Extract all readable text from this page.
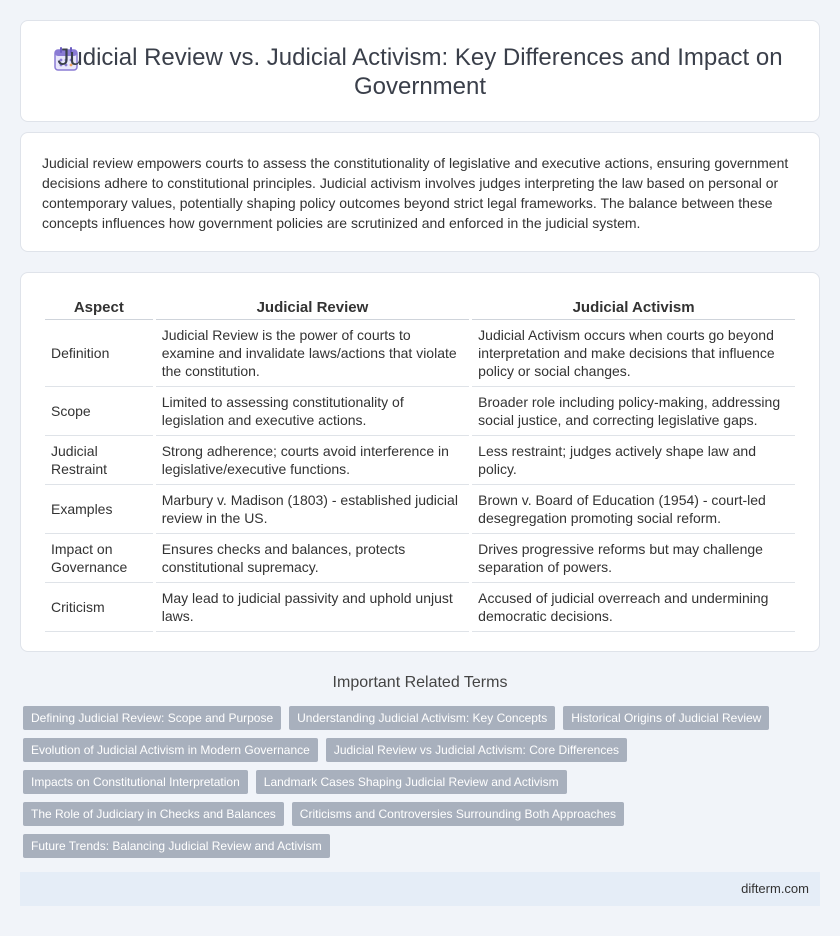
Judicial Review vs. Judicial Activism: Key Differences and Impact on Government

Judicial review empowers courts to assess the constitutionality of legislative and executive actions, ensuring government decisions adhere to constitutional principles. Judicial activism involves judges interpreting the law based on personal or contemporary values, potentially shaping policy outcomes beyond strict legal frameworks. The balance between these concepts influences how government policies are scrutinized and enforced in the judicial system.

Aspect	Judicial Review	Judicial Activism
Definition	Judicial Review is the power of courts to examine and invalidate laws/actions that violate the constitution.	Judicial Activism occurs when courts go beyond interpretation and make decisions that influence policy or social changes.
Scope	Limited to assessing constitutionality of legislation and executive actions.	Broader role including policy-making, addressing social justice, and correcting legislative gaps.
Judicial Restraint	Strong adherence; courts avoid interference in legislative/executive functions.	Less restraint; judges actively shape law and policy.
Examples	Marbury v. Madison (1803) - established judicial review in the US.	Brown v. Board of Education (1954) - court-led desegregation promoting social reform.
Impact on Governance	Ensures checks and balances, protects constitutional supremacy.	Drives progressive reforms but may challenge separation of powers.
Criticism	May lead to judicial passivity and uphold unjust laws.	Accused of judicial overreach and undermining democratic decisions.
Important Related Terms
Defining Judicial Review: Scope and Purpose	Understanding Judicial Activism: Key Concepts	Historical Origins of Judicial Review
Evolution of Judicial Activism in Modern Governance	Judicial Review vs Judicial Activism: Core Differences
Impacts on Constitutional Interpretation	Landmark Cases Shaping Judicial Review and Activism
The Role of Judiciary in Checks and Balances	Criticisms and Controversies Surrounding Both Approaches
Future Trends: Balancing Judicial Review and Activism
difterm.com
